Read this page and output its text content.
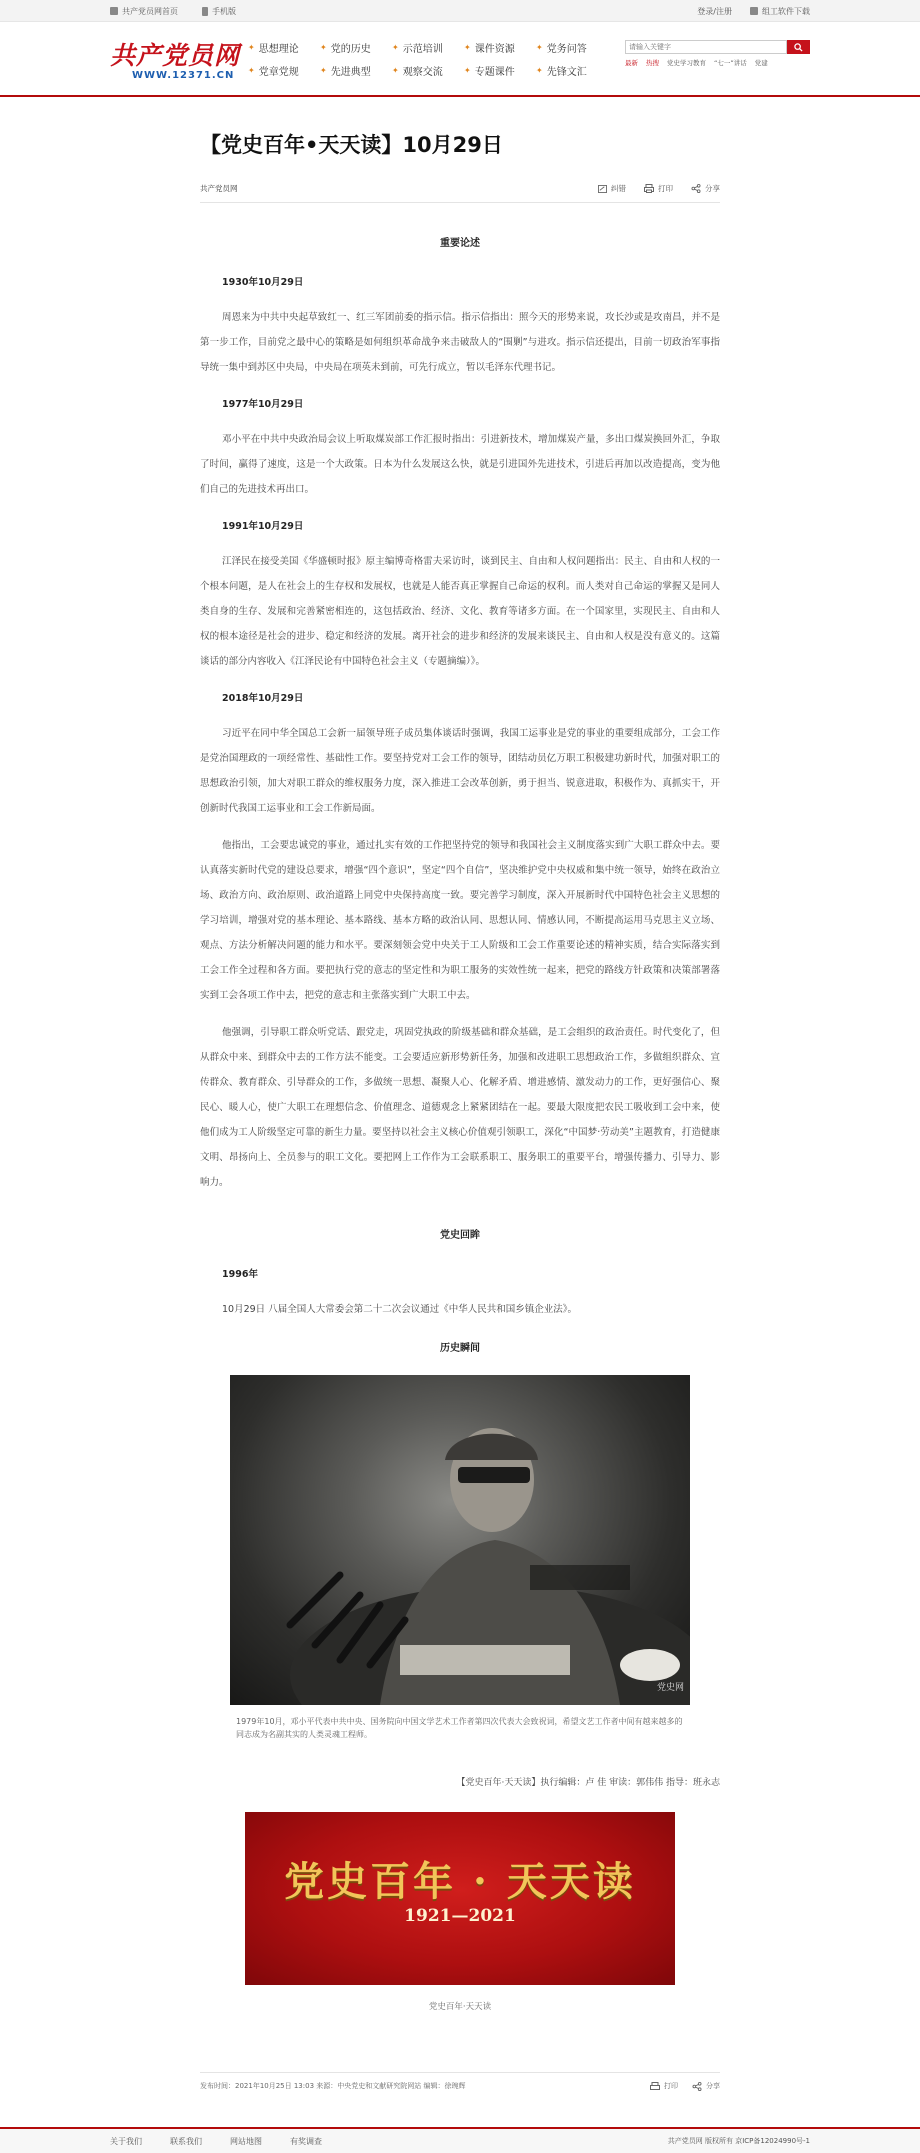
共产党员网首页	手机版	登录/注册	组工软件下载
共产党员网
WWW.12371.CN
✦ 思想理论	✦ 党的历史	✦ 示范培训	✦ 课件资源	✦ 党务问答
✦ 党章党规	✦ 先进典型	✦ 观察交流	✦ 专题课件	✦ 先锋文汇
请输入关键字
最新 热搜 党史学习教育 “七一”讲话 党建
【党史百年•天天读】10月29日
共产党员网	纠错	打印	分享
重要论述
1930年10月29日

周恩来为中共中央起草致红一、红三军团前委的指示信。指示信指出：照今天的形势来说，攻长沙或是攻南昌，并不是第一步工作，目前党之最中心的策略是如何组织革命战争来击破敌人的“围剿”与进攻。指示信还提出，目前一切政治军事指导统一集中到苏区中央局，中央局在项英未到前，可先行成立，暂以毛泽东代理书记。

1977年10月29日

邓小平在中共中央政治局会议上听取煤炭部工作汇报时指出：引进新技术，增加煤炭产量，多出口煤炭换回外汇，争取了时间，赢得了速度，这是一个大政策。日本为什么发展这么快，就是引进国外先进技术，引进后再加以改造提高，变为他们自己的先进技术再出口。

1991年10月29日

江泽民在接受美国《华盛顿时报》原主编博奇格雷夫采访时，谈到民主、自由和人权问题指出：民主、自由和人权的一个根本问题，是人在社会上的生存权和发展权，也就是人能否真正掌握自己命运的权利。而人类对自己命运的掌握又是同人类自身的生存、发展和完善紧密相连的，这包括政治、经济、文化、教育等诸多方面。在一个国家里，实现民主、自由和人权的根本途径是社会的进步、稳定和经济的发展。离开社会的进步和经济的发展来谈民主、自由和人权是没有意义的。这篇谈话的部分内容收入《江泽民论有中国特色社会主义（专题摘编）》。

2018年10月29日

习近平在同中华全国总工会新一届领导班子成员集体谈话时强调，我国工运事业是党的事业的重要组成部分，工会工作是党治国理政的一项经常性、基础性工作。要坚持党对工会工作的领导，团结动员亿万职工积极建功新时代，加强对职工的思想政治引领，加大对职工群众的维权服务力度，深入推进工会改革创新，勇于担当、锐意进取，积极作为、真抓实干，开创新时代我国工运事业和工会工作新局面。

他指出，工会要忠诚党的事业，通过扎实有效的工作把坚持党的领导和我国社会主义制度落实到广大职工群众中去。要认真落实新时代党的建设总要求，增强“四个意识”，坚定“四个自信”，坚决维护党中央权威和集中统一领导，始终在政治立场、政治方向、政治原则、政治道路上同党中央保持高度一致。要完善学习制度，深入开展新时代中国特色社会主义思想的学习培训，增强对党的基本理论、基本路线、基本方略的政治认同、思想认同、情感认同，不断提高运用马克思主义立场、观点、方法分析解决问题的能力和水平。要深刻领会党中央关于工人阶级和工会工作重要论述的精神实质，结合实际落实到工会工作全过程和各方面。要把执行党的意志的坚定性和为职工服务的实效性统一起来，把党的路线方针政策和决策部署落实到工会各项工作中去，把党的意志和主张落实到广大职工中去。

他强调，引导职工群众听党话、跟党走，巩固党执政的阶级基础和群众基础，是工会组织的政治责任。时代变化了，但从群众中来、到群众中去的工作方法不能变。工会要适应新形势新任务，加强和改进职工思想政治工作，多做组织群众、宣传群众、教育群众、引导群众的工作，多做统一思想、凝聚人心、化解矛盾、增进感情、激发动力的工作，更好强信心、聚民心、暖人心，使广大职工在理想信念、价值理念、道德观念上紧紧团结在一起。要最大限度把农民工吸收到工会中来，使他们成为工人阶级坚定可靠的新生力量。要坚持以社会主义核心价值观引领职工，深化“中国梦·劳动美”主题教育，打造健康文明、昂扬向上、全员参与的职工文化。要把网上工作作为工会联系职工、服务职工的重要平台，增强传播力、引导力、影响力。

党史回眸
1996年

10月29日 八届全国人大常委会第二十二次会议通过《中华人民共和国乡镇企业法》。

历史瞬间
党史网

1979年10月，邓小平代表中共中央、国务院向中国文学艺术工作者第四次代表大会致祝词，希望文艺工作者中间有越来越多的同志成为名副其实的人类灵魂工程师。

【党史百年·天天读】执行编辑：卢 佳 审读：郭伟伟 指导：班永志
党史百年 · 天天读
1921—2021
党史百年·天天读
发布时间：2021年10月25日 13:03 来源：中央党史和文献研究院网站 编辑：徐琬辉	打印	分享
关于我们	联系我们	网站地图	有奖调查	共产党员网 版权所有 京ICP备12024990号-1
